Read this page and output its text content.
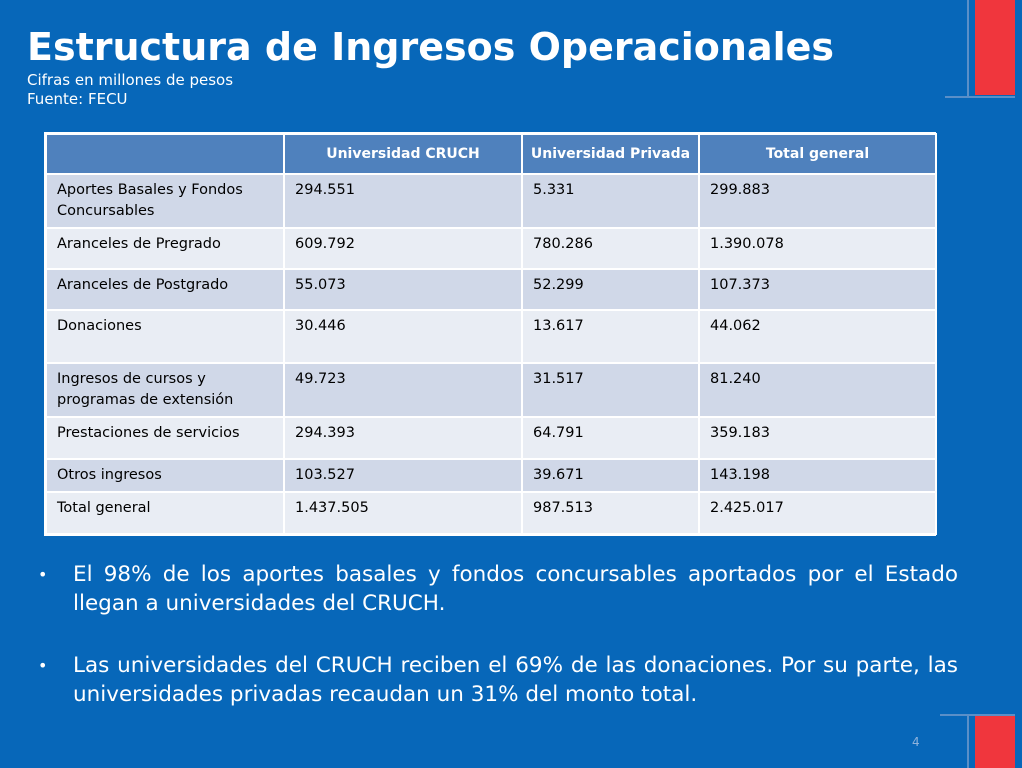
Estructura de Ingresos Operacionales
Cifras en millones de pesos
Fuente: FECU
	Universidad CRUCH	Universidad Privada	Total general
Aportes Basales y Fondos Concursables	294.551	5.331	299.883
Aranceles de Pregrado	609.792	780.286	1.390.078
Aranceles de Postgrado	55.073	52.299	107.373
Donaciones	30.446	13.617	44.062
Ingresos de cursos y programas de extensión	49.723	31.517	81.240
Prestaciones de servicios	294.393	64.791	359.183
Otros ingresos	103.527	39.671	143.198
Total general	1.437.505	987.513	2.425.017
• El 98% de los aportes basales y fondos concursables aportados por el Estado llegan a universidades del CRUCH.
• Las universidades del CRUCH reciben el 69% de las donaciones. Por su parte, las universidades privadas recaudan un 31% del monto total.
4
